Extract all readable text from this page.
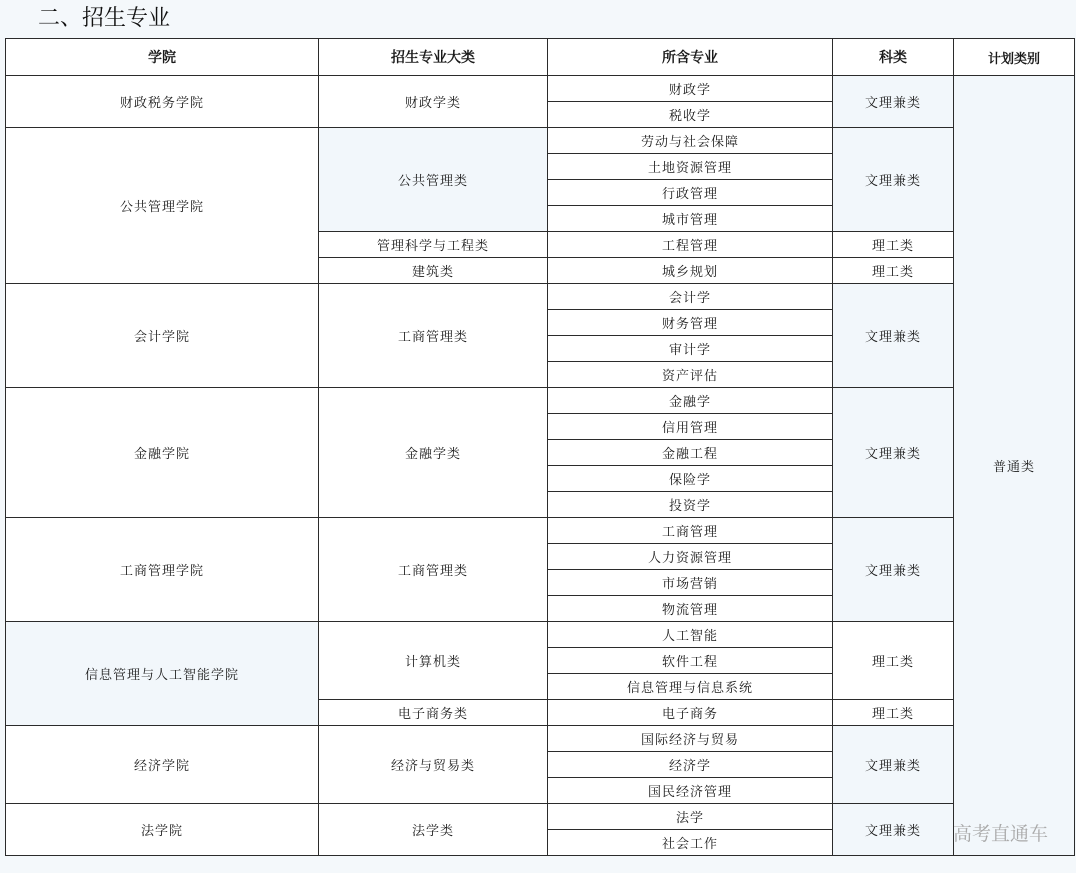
二、招生专业
学院	招生专业大类	所含专业	科类	计划类别
财政税务学院	财政学类	财政学	文理兼类	普通类
		税收学		
公共管理学院	公共管理类	劳动与社会保障	文理兼类	
		土地资源管理		
		行政管理		
		城市管理		
	管理科学与工程类	工程管理	理工类	
	建筑类	城乡规划	理工类	
会计学院	工商管理类	会计学	文理兼类	
		财务管理		
		审计学		
		资产评估		
金融学院	金融学类	金融学	文理兼类	
		信用管理		
		金融工程		
		保险学		
		投资学		
工商管理学院	工商管理类	工商管理	文理兼类	
		人力资源管理		
		市场营销		
		物流管理		
信息管理与人工智能学院	计算机类	人工智能	理工类	
		软件工程		
		信息管理与信息系统		
	电子商务类	电子商务	理工类	
经济学院	经济与贸易类	国际经济与贸易	文理兼类	
		经济学		
		国民经济管理		
法学院	法学类	法学	文理兼类	
		社会工作			高考直通车
